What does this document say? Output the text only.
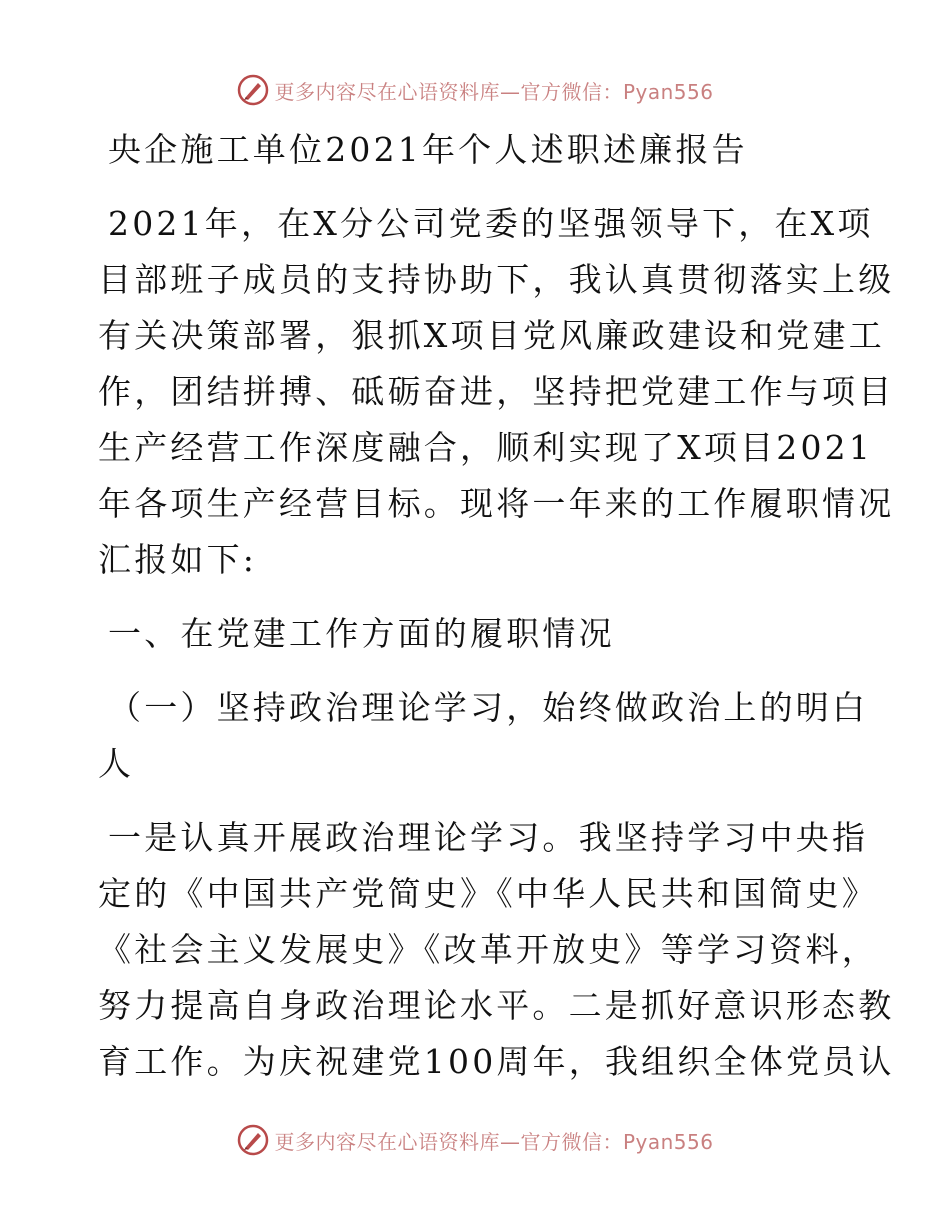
更多内容尽在心语资料库—官方微信：Pyan556

央企施工单位2021年个人述职述廉报告

2021年，在X分公司党委的坚强领导下，在X项

目部班子成员的支持协助下，我认真贯彻落实上级

有关决策部署，狠抓X项目党风廉政建设和党建工

作，团结拼搏、砥砺奋进，坚持把党建工作与项目

生产经营工作深度融合，顺利实现了X项目2021

年各项生产经营目标。现将一年来的工作履职情况

汇报如下:

一、在党建工作方面的履职情况

（一）坚持政治理论学习，始终做政治上的明白

人

一是认真开展政治理论学习。我坚持学习中央指

定的《中国共产党简史》《中华人民共和国简史》

《社会主义发展史》《改革开放史》等学习资料，

努力提高自身政治理论水平。二是抓好意识形态教

育工作。为庆祝建党100周年，我组织全体党员认

更多内容尽在心语资料库—官方微信：Pyan556
